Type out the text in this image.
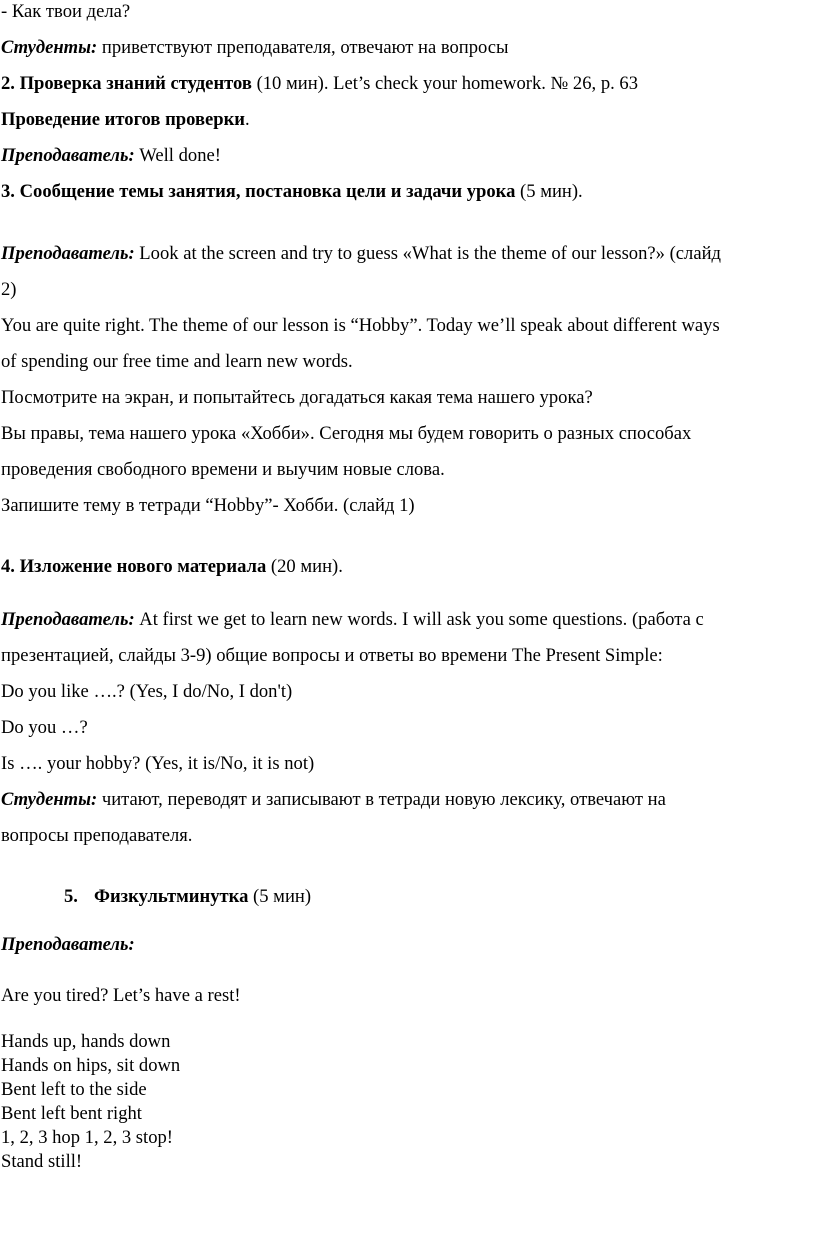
- Как твои дела?
Студенты: приветствуют преподавателя, отвечают на вопросы
2. Проверка знаний студентов (10 мин). Let’s check your homework. № 26, p. 63
Проведение итогов проверки.
Преподаватель: Well done!
3. Сообщение темы занятия, постановка цели и задачи урока (5 мин).
Преподаватель: Look at the screen and try to guess «What is the theme of our lesson?» (слайд
2)
You are quite right. The theme of our lesson is “Hobby”. Today we’ll speak about different ways
of spending our free time and learn new words.
Посмотрите на экран, и попытайтесь догадаться какая тема нашего урока?
Вы правы, тема нашего урока «Хобби». Сегодня мы будем говорить о разных способах
проведения свободного времени и выучим новые слова.
Запишите тему в тетради “Hobby”- Хобби. (слайд 1)
4. Изложение нового материала (20 мин).
Преподаватель: At first we get to learn new words. I will ask you some questions. (работа с
презентацией, слайды 3-9) общие вопросы и ответы во времени The Present Simple:
Do you like ….? (Yes, I do/No, I don't)
Do you …?
Is …. your hobby? (Yes, it is/No, it is not)
Студенты: читают, переводят и записывают в тетради новую лексику, отвечают на
вопросы преподавателя.
5. Физкультминутка (5 мин)
Преподаватель:
Are you tired? Let’s have a rest!
Hands up, hands down
Hands on hips, sit down
Bent left to the side
Bent left bent right
1, 2, 3 hop 1, 2, 3 stop!
Stand still!
